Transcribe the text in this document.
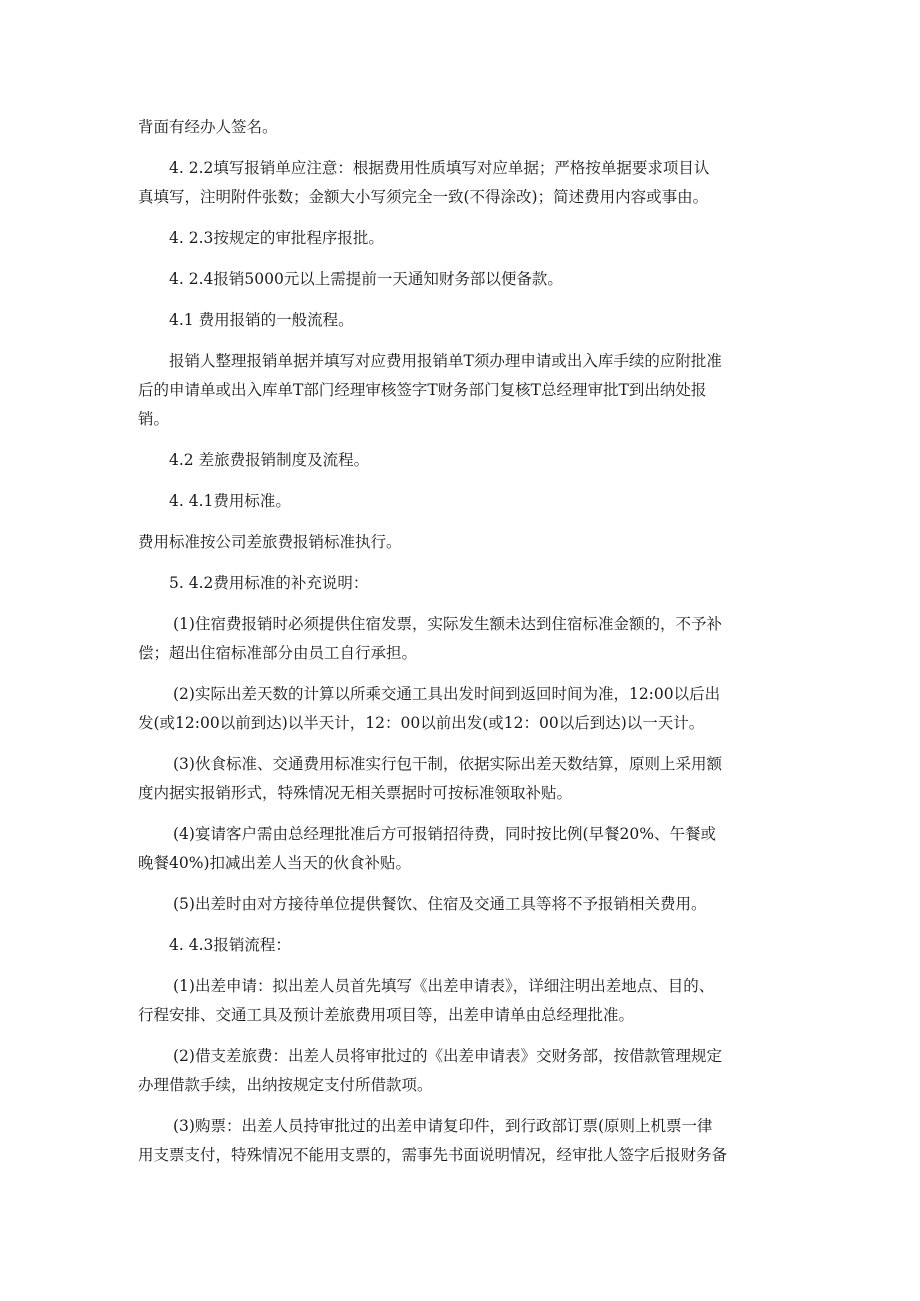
背面有经办人签名。
4. 2.2填写报销单应注意：根据费用性质填写对应单据；严格按单据要求项目认
真填写，注明附件张数；金额大小写须完全一致(不得涂改)；简述费用内容或事由。
4. 2.3按规定的审批程序报批。
4. 2.4报销5000元以上需提前一天通知财务部以便备款。
4.1 费用报销的一般流程。
报销人整理报销单据并填写对应费用报销单T须办理申请或出入库手续的应附批准
后的申请单或出入库单T部门经理审核签字T财务部门复核T总经理审批T到出纳处报
销。
4.2 差旅费报销制度及流程。
4. 4.1费用标准。
费用标准按公司差旅费报销标准执行。
5. 4.2费用标准的补充说明：
(1)住宿费报销时必须提供住宿发票，实际发生额未达到住宿标准金额的，不予补
偿；超出住宿标准部分由员工自行承担。
(2)实际出差天数的计算以所乘交通工具出发时间到返回时间为准，12:00以后出
发(或12:00以前到达)以半天计，12：00以前出发(或12：00以后到达)以一天计。
(3)伙食标准、交通费用标准实行包干制，依据实际出差天数结算，原则上采用额
度内据实报销形式，特殊情况无相关票据时可按标准领取补贴。
(4)宴请客户需由总经理批准后方可报销招待费，同时按比例(早餐20%、午餐或
晚餐40%)扣减出差人当天的伙食补贴。
(5)出差时由对方接待单位提供餐饮、住宿及交通工具等将不予报销相关费用。
4. 4.3报销流程：
(1)出差申请：拟出差人员首先填写《出差申请表》，详细注明出差地点、目的、
行程安排、交通工具及预计差旅费用项目等，出差申请单由总经理批准。
(2)借支差旅费：出差人员将审批过的《出差申请表》交财务部，按借款管理规定
办理借款手续，出纳按规定支付所借款项。
(3)购票：出差人员持审批过的出差申请复印件，到行政部订票(原则上机票一律
用支票支付，特殊情况不能用支票的，需事先书面说明情况，经审批人签字后报财务备
